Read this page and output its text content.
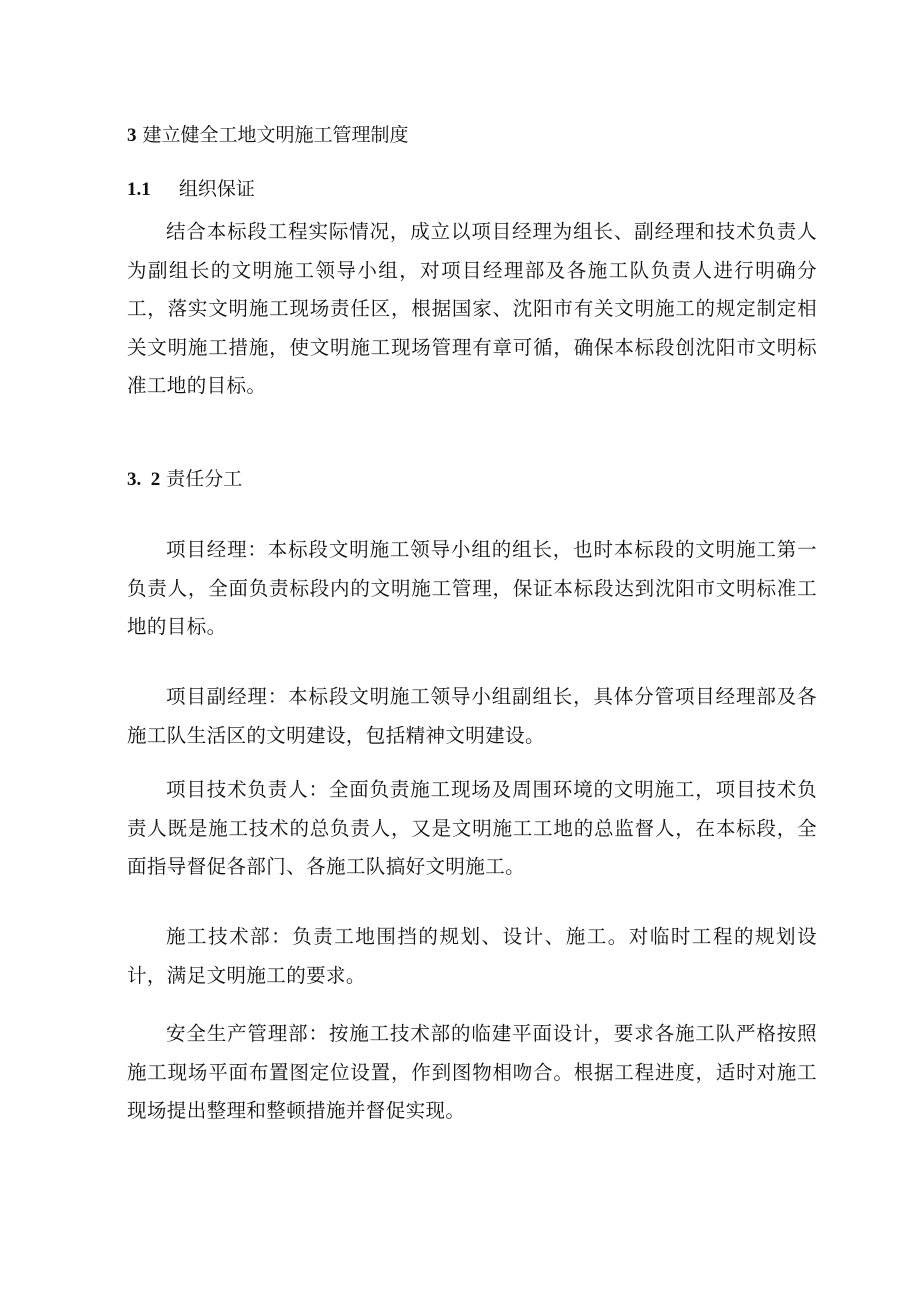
3 建立健全工地文明施工管理制度
1.1 组织保证

结合本标段工程实际情况，成立以项目经理为组长、副经理和技术负责人为副组长的文明施工领导小组，对项目经理部及各施工队负责人进行明确分工，落实文明施工现场责任区，根据国家、沈阳市有关文明施工的规定制定相关文明施工措施，使文明施工现场管理有章可循，确保本标段创沈阳市文明标准工地的目标。

3.  2 责任分工

项目经理：本标段文明施工领导小组的组长，也时本标段的文明施工第一负责人，全面负责标段内的文明施工管理，保证本标段达到沈阳市文明标准工地的目标。

项目副经理：本标段文明施工领导小组副组长，具体分管项目经理部及各施工队生活区的文明建设，包括精神文明建设。

项目技术负责人：全面负责施工现场及周围环境的文明施工，项目技术负责人既是施工技术的总负责人，又是文明施工工地的总监督人，在本标段，全面指导督促各部门、各施工队搞好文明施工。

施工技术部：负责工地围挡的规划、设计、施工。对临时工程的规划设计，满足文明施工的要求。

安全生产管理部：按施工技术部的临建平面设计，要求各施工队严格按照施工现场平面布置图定位设置，作到图物相吻合。根据工程进度，适时对施工现场提出整理和整顿措施并督促实现。
